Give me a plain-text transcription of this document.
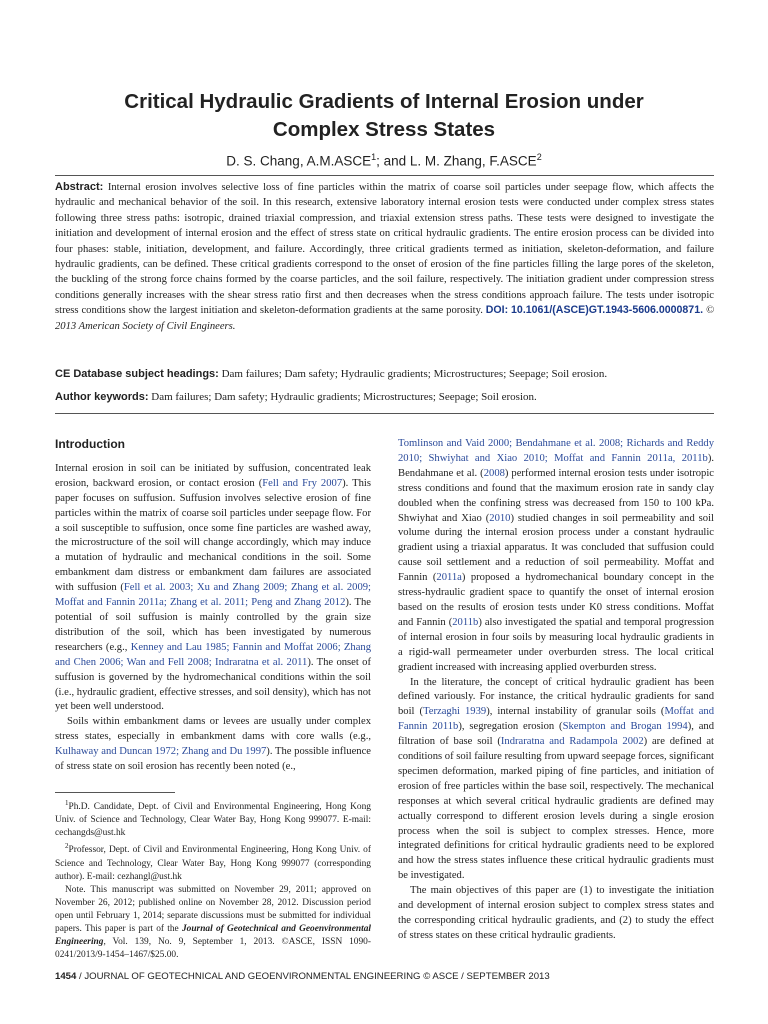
Critical Hydraulic Gradients of Internal Erosion under
Complex Stress States
D. S. Chang, A.M.ASCE$^1$; and L. M. Zhang, F.ASCE$^2$
Abstract: Internal erosion involves selective loss of fine particles within the matrix of coarse soil particles under seepage flow, which affects the hydraulic and mechanical behavior of the soil. In this research, extensive laboratory internal erosion tests were conducted under complex stress states following three stress paths: isotropic, drained triaxial compression, and triaxial extension stress paths. These tests were designed to investigate the initiation and development of internal erosion and the effect of stress state on critical hydraulic gradients. The entire erosion process can be divided into four phases: stable, initiation, development, and failure. Accordingly, three critical gradients termed as initiation, skeleton-deformation, and failure hydraulic gradients, can be defined. These critical gradients correspond to the onset of erosion of the fine particles filling the large pores of the skeleton, the buckling of the strong force chains formed by the coarse particles, and the soil failure, respectively. The initiation gradient under compression stress conditions generally increases with the shear stress ratio first and then decreases when the stress conditions approach failure. The tests under isotropic stress conditions show the largest initiation and skeleton-deformation gradients at the same porosity. DOI: 10.1061/(ASCE)GT.1943-5606.0000871. © 2013 American Society of Civil Engineers.
CE Database subject headings: Dam failures; Dam safety; Hydraulic gradients; Microstructures; Seepage; Soil erosion.
Author keywords: Dam failures; Dam safety; Hydraulic gradients; Microstructures; Seepage; Soil erosion.
Introduction

Internal erosion in soil can be initiated by suffusion, concentrated leak erosion, backward erosion, or contact erosion (Fell and Fry 2007). This paper focuses on suffusion. Suffusion involves selective erosion of fine particles within the matrix of coarse soil particles under seepage flow. For a soil susceptible to suffusion, once some fine particles are washed away, the microstructure of the soil will change accordingly, which may induce a mutation of hydraulic and mechanical conditions in the soil. Some embankment dam distress or embankment dam failures are associated with suffusion (Fell et al. 2003; Xu and Zhang 2009; Zhang et al. 2009; Moffat and Fannin 2011a; Zhang et al. 2011; Peng and Zhang 2012). The potential of soil suffusion is mainly controlled by the grain size distribution of the soil, which has been investigated by numerous researchers (e.g., Kenney and Lau 1985; Fannin and Moffat 2006; Zhang and Chen 2006; Wan and Fell 2008; Indraratna et al. 2011). The onset of suffusion is governed by the hydromechanical conditions within the soil (i.e., hydraulic gradient, effective stresses, and soil density), which has not yet been well understood.

Soils within embankment dams or levees are usually under complex stress states, especially in embankment dams with core walls (e.g., Kulhaway and Duncan 1972; Zhang and Du 1997). The possible influence of stress state on soil erosion has recently been noted (e.,

$^1$Ph.D. Candidate, Dept. of Civil and Environmental Engineering, Hong Kong Univ. of Science and Technology, Clear Water Bay, Hong Kong 999077. E-mail: cechangds@ust.hk

$^2$Professor, Dept. of Civil and Environmental Engineering, Hong Kong Univ. of Science and Technology, Clear Water Bay, Hong Kong 999077 (corresponding author). E-mail: cezhangl@ust.hk

Note. This manuscript was submitted on November 29, 2011; approved on November 26, 2012; published online on November 28, 2012. Discussion period open until February 1, 2014; separate discussions must be submitted for individual papers. This paper is part of the Journal of Geotechnical and Geoenvironmental Engineering, Vol. 139, No. 9, September 1, 2013. ©ASCE, ISSN 1090-0241/2013/9-1454–1467/$25.00.

Tomlinson and Vaid 2000; Bendahmane et al. 2008; Richards and Reddy 2010; Shwiyhat and Xiao 2010; Moffat and Fannin 2011a, 2011b). Bendahmane et al. (2008) performed internal erosion tests under isotropic stress conditions and found that the maximum erosion rate in sandy clay doubled when the confining stress was decreased from 150 to 100 kPa. Shwiyhat and Xiao (2010) studied changes in soil permeability and soil volume during the internal erosion process under a constant hydraulic gradient using a triaxial apparatus. It was concluded that suffusion could cause soil settlement and a reduction of soil permeability. Moffat and Fannin (2011a) proposed a hydromechanical boundary concept in the stress-hydraulic gradient space to quantify the onset of internal erosion based on the results of erosion tests under K0 stress conditions. Moffat and Fannin (2011b) also investigated the spatial and temporal progression of internal erosion in four soils by measuring local hydraulic gradients in a rigid-wall permeameter under overburden stress. The local critical gradient increased with increasing applied overburden stress.

In the literature, the concept of critical hydraulic gradient has been defined variously. For instance, the critical hydraulic gradients for sand boil (Terzaghi 1939), internal instability of granular soils (Moffat and Fannin 2011b), segregation erosion (Skempton and Brogan 1994), and filtration of base soil (Indraratna and Radampola 2002) are defined at conditions of soil failure resulting from upward seepage forces, significant specimen deformation, marked piping of fine particles, and initiation of erosion of free particles within the base soil, respectively. The mechanical responses at which several critical hydraulic gradients are defined may actually correspond to different erosion levels during a single erosion process when the soil is subject to complex stresses. Hence, more integrated definitions for critical hydraulic gradients need to be explored and how the stress states influence these critical hydraulic gradients must be investigated.

The main objectives of this paper are (1) to investigate the initiation and development of internal erosion subject to complex stress states and the corresponding critical hydraulic gradients, and (2) to study the effect of stress states on these critical hydraulic gradients.

1454 / JOURNAL OF GEOTECHNICAL AND GEOENVIRONMENTAL ENGINEERING © ASCE / SEPTEMBER 2013
